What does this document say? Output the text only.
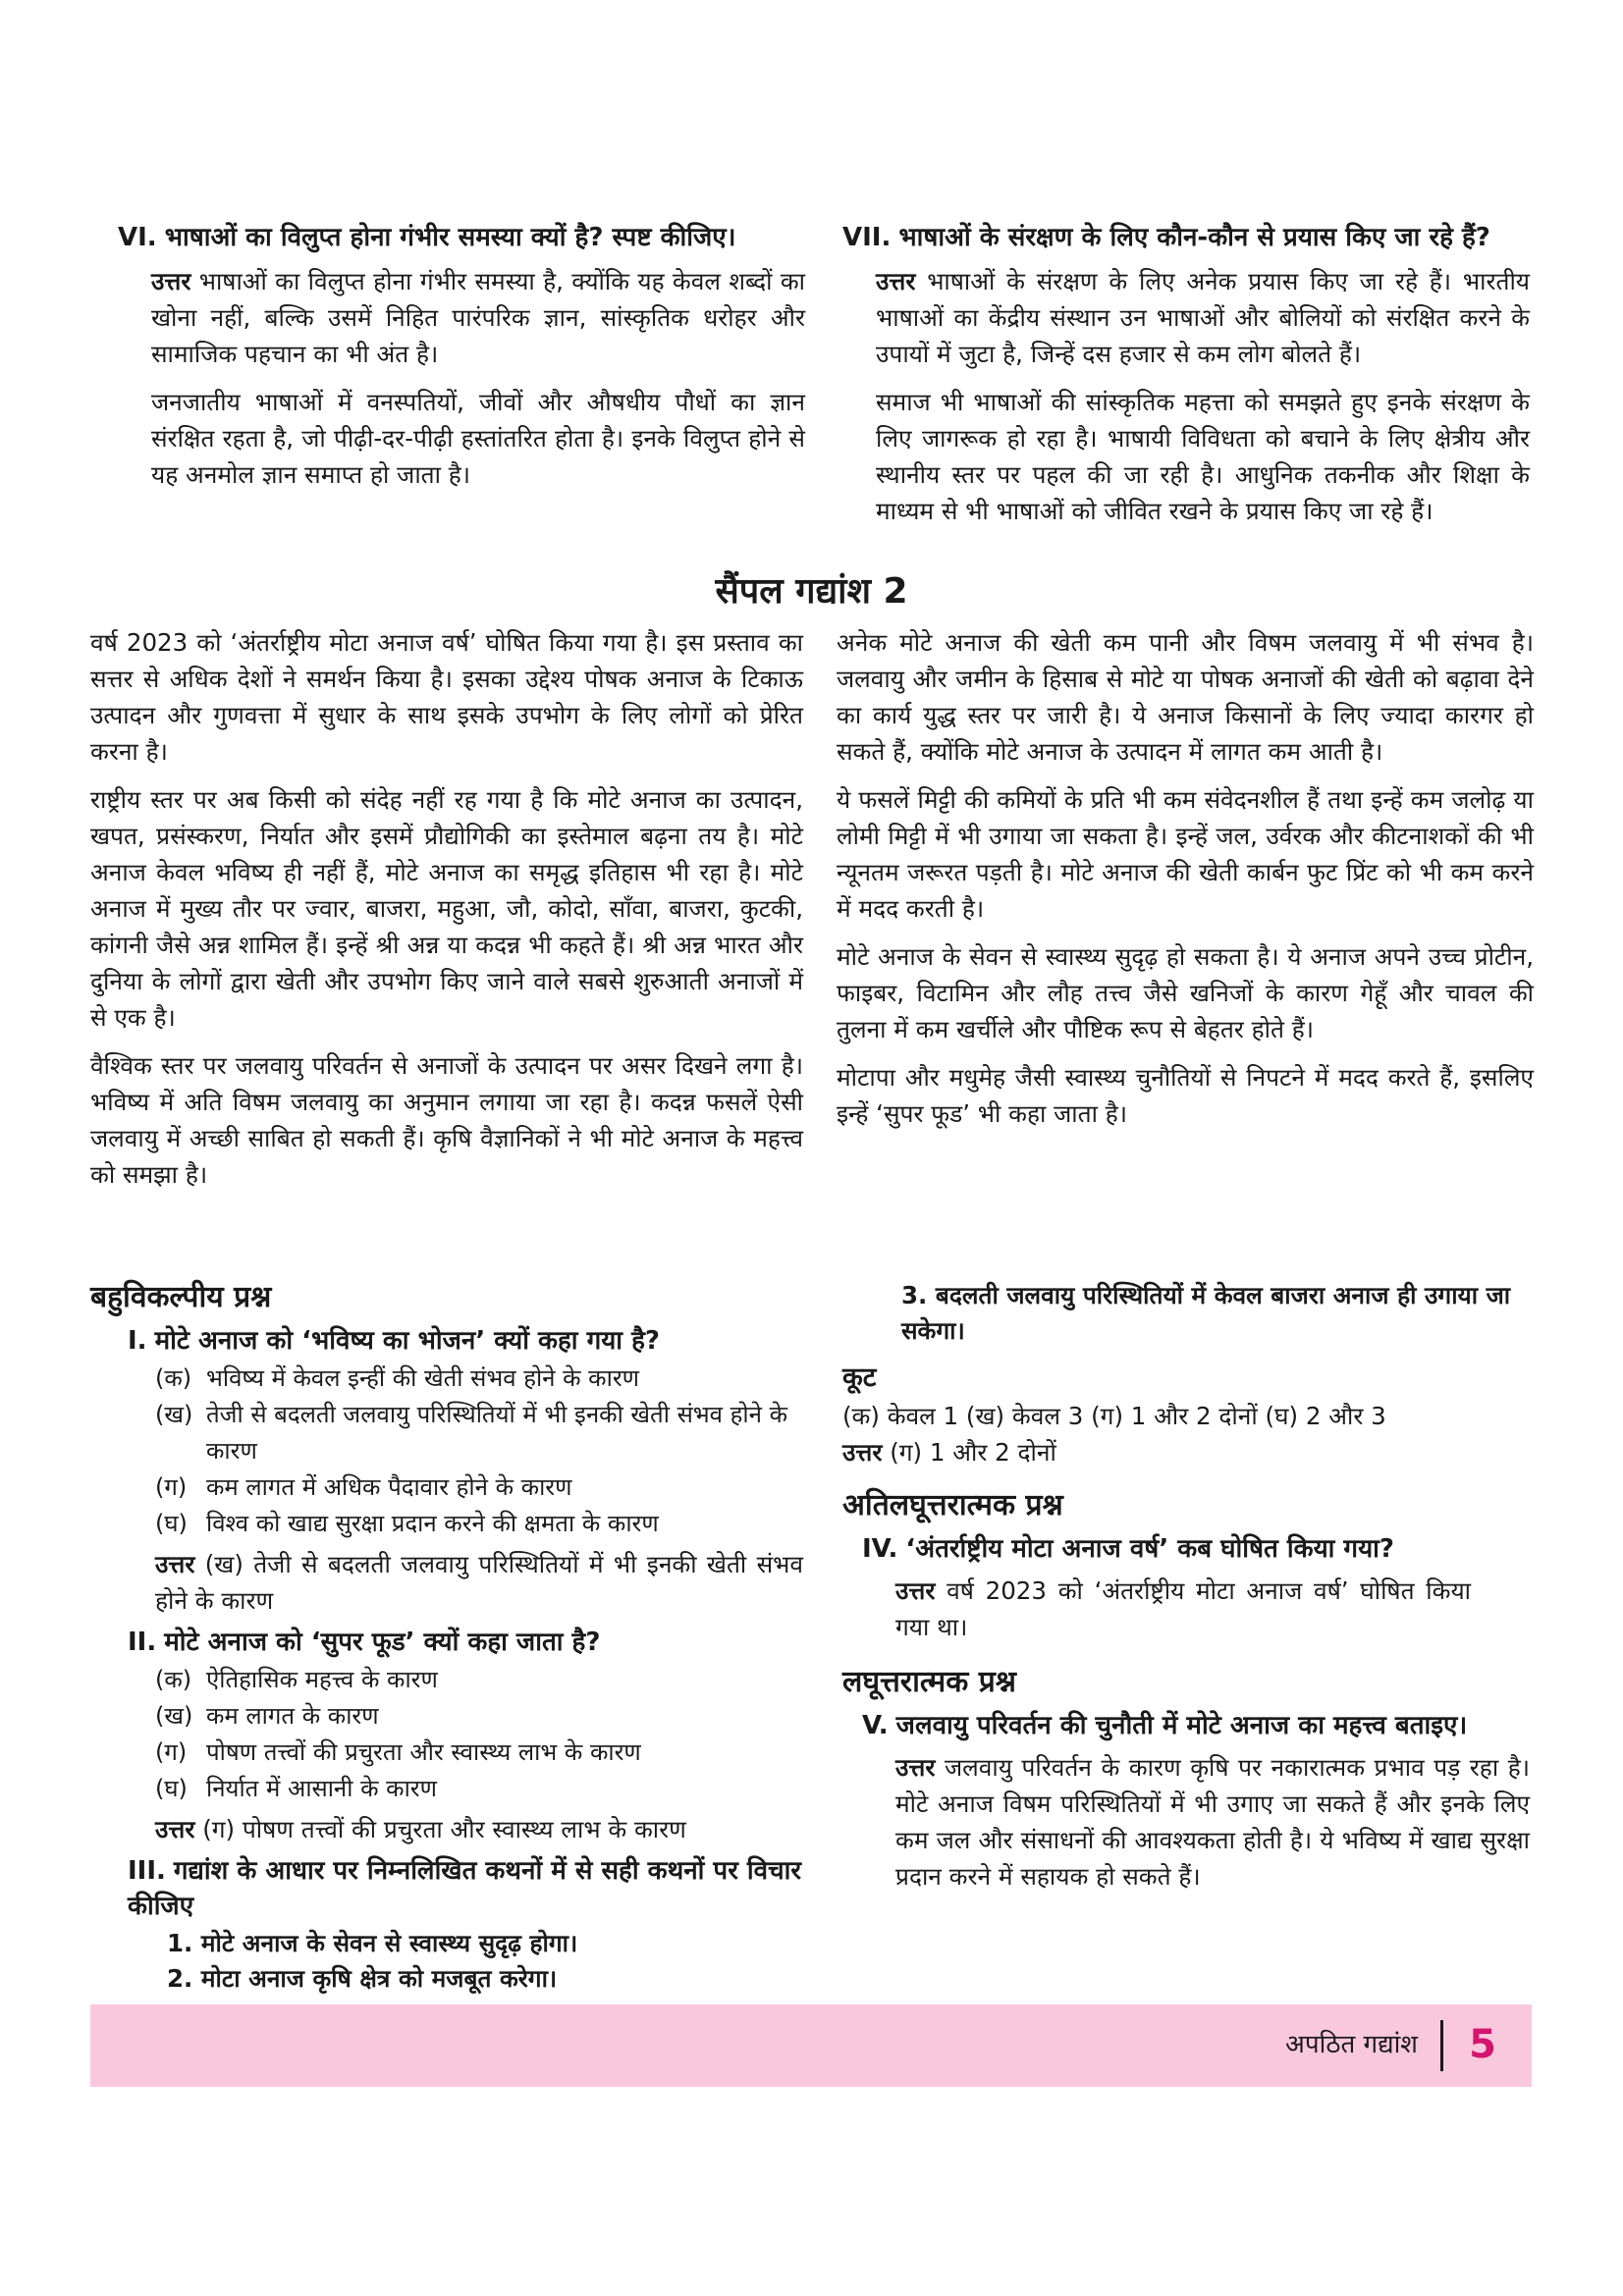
VI. भाषाओं का विलुप्त होना गंभीर समस्या क्यों है? स्पष्ट कीजिए।

उत्तर भाषाओं का विलुप्त होना गंभीर समस्या है, क्योंकि यह केवल शब्दों का खोना नहीं, बल्कि उसमें निहित पारंपरिक ज्ञान, सांस्कृतिक धरोहर और सामाजिक पहचान का भी अंत है।

जनजातीय भाषाओं में वनस्पतियों, जीवों और औषधीय पौधों का ज्ञान संरक्षित रहता है, जो पीढ़ी-दर-पीढ़ी हस्तांतरित होता है। इनके विलुप्त होने से यह अनमोल ज्ञान समाप्त हो जाता है।

VII. भाषाओं के संरक्षण के लिए कौन-कौन से प्रयास किए जा रहे हैं?

उत्तर भाषाओं के संरक्षण के लिए अनेक प्रयास किए जा रहे हैं। भारतीय भाषाओं का केंद्रीय संस्थान उन भाषाओं और बोलियों को संरक्षित करने के उपायों में जुटा है, जिन्हें दस हजार से कम लोग बोलते हैं।

समाज भी भाषाओं की सांस्कृतिक महत्ता को समझते हुए इनके संरक्षण के लिए जागरूक हो रहा है। भाषायी विविधता को बचाने के लिए क्षेत्रीय और स्थानीय स्तर पर पहल की जा रही है। आधुनिक तकनीक और शिक्षा के माध्यम से भी भाषाओं को जीवित रखने के प्रयास किए जा रहे हैं।

सैंपल गद्यांश 2

वर्ष 2023 को ‘अंतर्राष्ट्रीय मोटा अनाज वर्ष’ घोषित किया गया है। इस प्रस्ताव का सत्तर से अधिक देशों ने समर्थन किया है। इसका उद्देश्य पोषक अनाज के टिकाऊ उत्पादन और गुणवत्ता में सुधार के साथ इसके उपभोग के लिए लोगों को प्रेरित करना है।

राष्ट्रीय स्तर पर अब किसी को संदेह नहीं रह गया है कि मोटे अनाज का उत्पादन, खपत, प्रसंस्करण, निर्यात और इसमें प्रौद्योगिकी का इस्तेमाल बढ़ना तय है। मोटे अनाज केवल भविष्य ही नहीं हैं, मोटे अनाज का समृद्ध इतिहास भी रहा है। मोटे अनाज में मुख्य तौर पर ज्वार, बाजरा, महुआ, जौ, कोदो, साँवा, बाजरा, कुटकी, कांगनी जैसे अन्न शामिल हैं। इन्हें श्री अन्न या कदन्न भी कहते हैं। श्री अन्न भारत और दुनिया के लोगों द्वारा खेती और उपभोग किए जाने वाले सबसे शुरुआती अनाजों में से एक है।

वैश्विक स्तर पर जलवायु परिवर्तन से अनाजों के उत्पादन पर असर दिखने लगा है। भविष्य में अति विषम जलवायु का अनुमान लगाया जा रहा है। कदन्न फसलें ऐसी जलवायु में अच्छी साबित हो सकती हैं। कृषि वैज्ञानिकों ने भी मोटे अनाज के महत्त्व को समझा है।

अनेक मोटे अनाज की खेती कम पानी और विषम जलवायु में भी संभव है। जलवायु और जमीन के हिसाब से मोटे या पोषक अनाजों की खेती को बढ़ावा देने का कार्य युद्ध स्तर पर जारी है। ये अनाज किसानों के लिए ज्यादा कारगर हो सकते हैं, क्योंकि मोटे अनाज के उत्पादन में लागत कम आती है।

ये फसलें मिट्टी की कमियों के प्रति भी कम संवेदनशील हैं तथा इन्हें कम जलोढ़ या लोमी मिट्टी में भी उगाया जा सकता है। इन्हें जल, उर्वरक और कीटनाशकों की भी न्यूनतम जरूरत पड़ती है। मोटे अनाज की खेती कार्बन फुट प्रिंट को भी कम करने में मदद करती है।

मोटे अनाज के सेवन से स्वास्थ्य सुदृढ़ हो सकता है। ये अनाज अपने उच्च प्रोटीन, फाइबर, विटामिन और लौह तत्त्व जैसे खनिजों के कारण गेहूँ और चावल की तुलना में कम खर्चीले और पौष्टिक रूप से बेहतर होते हैं।

मोटापा और मधुमेह जैसी स्वास्थ्य चुनौतियों से निपटने में मदद करते हैं, इसलिए इन्हें ‘सुपर फूड’ भी कहा जाता है।

बहुविकल्पीय प्रश्न

I. मोटे अनाज को ‘भविष्य का भोजन’ क्यों कहा गया है?

(क) भविष्य में केवल इन्हीं की खेती संभव होने के कारण
(ख) तेजी से बदलती जलवायु परिस्थितियों में भी इनकी खेती संभव होने के कारण
(ग) कम लागत में अधिक पैदावार होने के कारण
(घ) विश्व को खाद्य सुरक्षा प्रदान करने की क्षमता के कारण

उत्तर (ख) तेजी से बदलती जलवायु परिस्थितियों में भी इनकी खेती संभव होने के कारण

II. मोटे अनाज को ‘सुपर फूड’ क्यों कहा जाता है?

(क) ऐतिहासिक महत्त्व के कारण
(ख) कम लागत के कारण
(ग) पोषण तत्त्वों की प्रचुरता और स्वास्थ्य लाभ के कारण
(घ) निर्यात में आसानी के कारण

उत्तर (ग) पोषण तत्त्वों की प्रचुरता और स्वास्थ्य लाभ के कारण

III. गद्यांश के आधार पर निम्नलिखित कथनों में से सही कथनों पर विचार कीजिए

1. मोटे अनाज के सेवन से स्वास्थ्य सुदृढ़ होगा।
2. मोटा अनाज कृषि क्षेत्र को मजबूत करेगा।
3. बदलती जलवायु परिस्थितियों में केवल बाजरा अनाज ही उगाया जा सकेगा।

कूट

(क) केवल 1 (ख) केवल 3 (ग) 1 और 2 दोनों (घ) 2 और 3

उत्तर (ग) 1 और 2 दोनों

अतिलघूत्तरात्मक प्रश्न

IV. ‘अंतर्राष्ट्रीय मोटा अनाज वर्ष’ कब घोषित किया गया?

उत्तर वर्ष 2023 को ‘अंतर्राष्ट्रीय मोटा अनाज वर्ष’ घोषित किया गया था।

लघूत्तरात्मक प्रश्न

V. जलवायु परिवर्तन की चुनौती में मोटे अनाज का महत्त्व बताइए।

उत्तर जलवायु परिवर्तन के कारण कृषि पर नकारात्मक प्रभाव पड़ रहा है। मोटे अनाज विषम परिस्थितियों में भी उगाए जा सकते हैं और इनके लिए कम जल और संसाधनों की आवश्यकता होती है। ये भविष्य में खाद्य सुरक्षा प्रदान करने में सहायक हो सकते हैं।

अपठित गद्यांश 5
